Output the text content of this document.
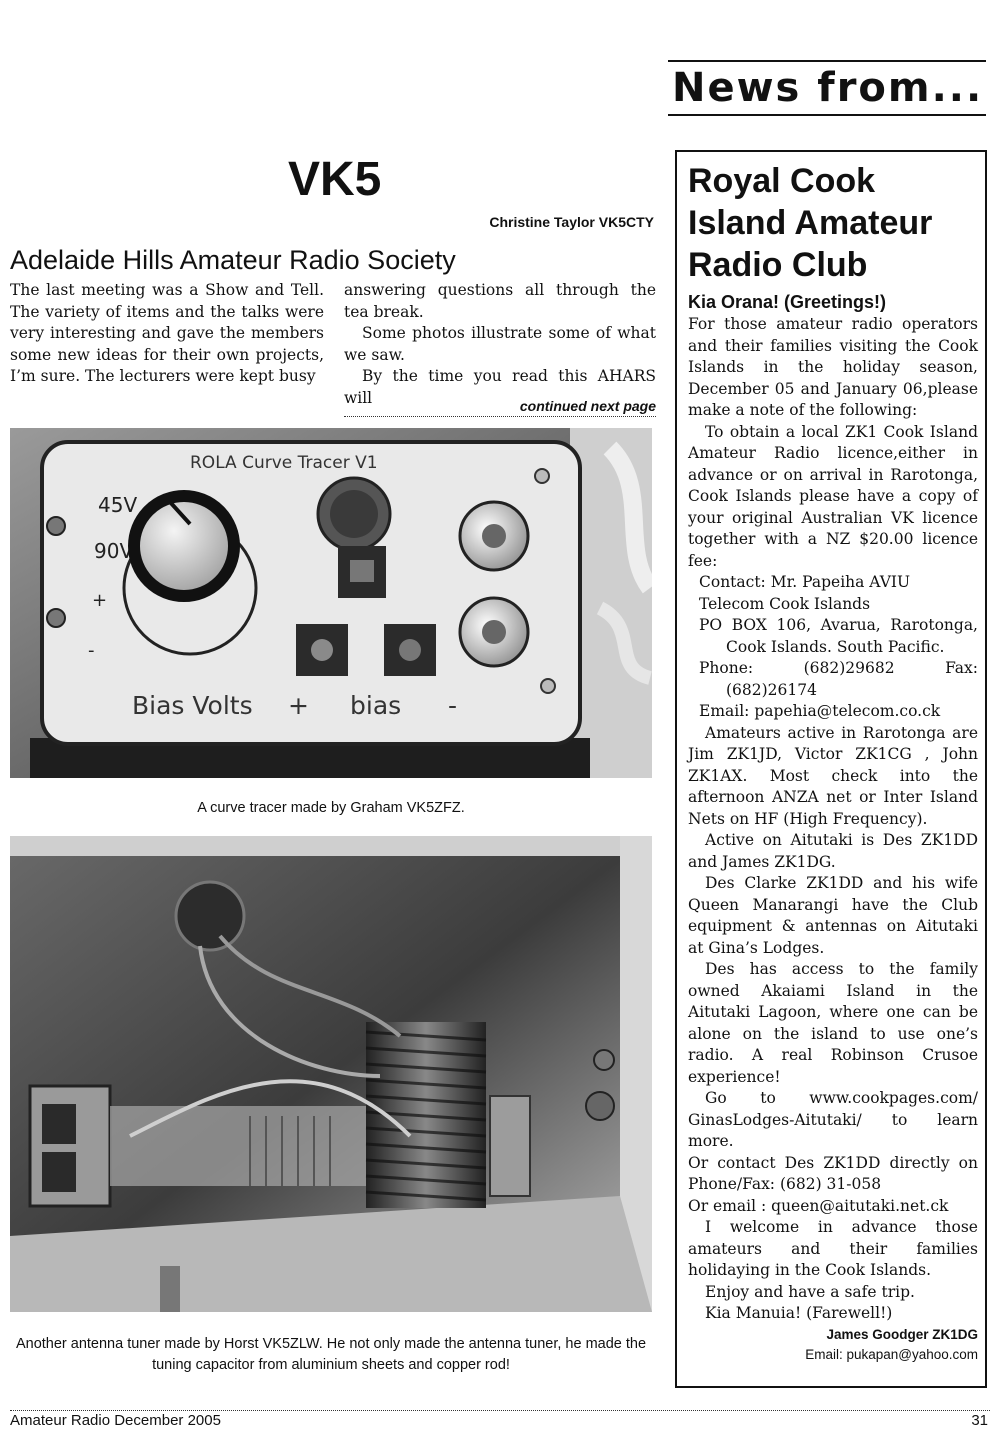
News from...
VK5
Christine Taylor VK5CTY
Adelaide Hills Amateur Radio Society

The last meeting was a Show and Tell. The variety of items and the talks were very interesting and gave the members some new ideas for their own projects, I’m sure. The lecturers were kept busy

answering questions all through the tea break.

Some photos illustrate some of what we saw.

By the time you read this AHARS will	continued next page
ROLA Curve Tracer V1
45V
90V
+
-
Bias Volts + bias -
A curve tracer made by Graham VK5ZFZ.
Another antenna tuner made by Horst VK5ZLW. He not only made the antenna tuner, he made the tuning capacitor from aluminium sheets and copper rod!
Royal Cook Island Amateur Radio Club
Kia Orana! (Greetings!)

For those amateur radio operators and their families visiting the Cook Islands in the holiday season, December 05 and January 06,please make a note of the following:

To obtain a local ZK1 Cook Island Amateur Radio licence,either in advance or on arrival in Rarotonga, Cook Islands please have a copy of your original Australian VK licence together with a NZ $20.00 licence fee:

Contact: Mr. Papeiha AVIU

Telecom Cook Islands

PO BOX 106, Avarua, Rarotonga, Cook Islands. South Pacific.

Phone: (682)29682 Fax: (682)26174

Email: papehia@telecom.co.ck

Amateurs active in Rarotonga are Jim ZK1JD, Victor ZK1CG , John ZK1AX. Most check into the afternoon ANZA net or Inter Island Nets on HF (High Frequency).

Active on Aitutaki is Des ZK1DD and James ZK1DG.

Des Clarke ZK1DD and his wife Queen Manarangi have the Club equipment & antennas on Aitutaki at Gina’s Lodges.

Des has access to the family owned Akaiami Island in the Aitutaki Lagoon, where one can be alone on the island to use one’s radio. A real Robinson Crusoe experience!

Go to www.cookpages.com/ GinasLodges-Aitutaki/ to learn more.

Or contact Des ZK1DD directly on Phone/Fax: (682) 31-058

Or email : queen@aitutaki.net.ck

I welcome in advance those amateurs and their families holidaying in the Cook Islands.

Enjoy and have a safe trip.

Kia Manuia! (Farewell!)

James Goodger ZK1DG

Email: pukapan@yahoo.com

Amateur Radio December 2005	31
